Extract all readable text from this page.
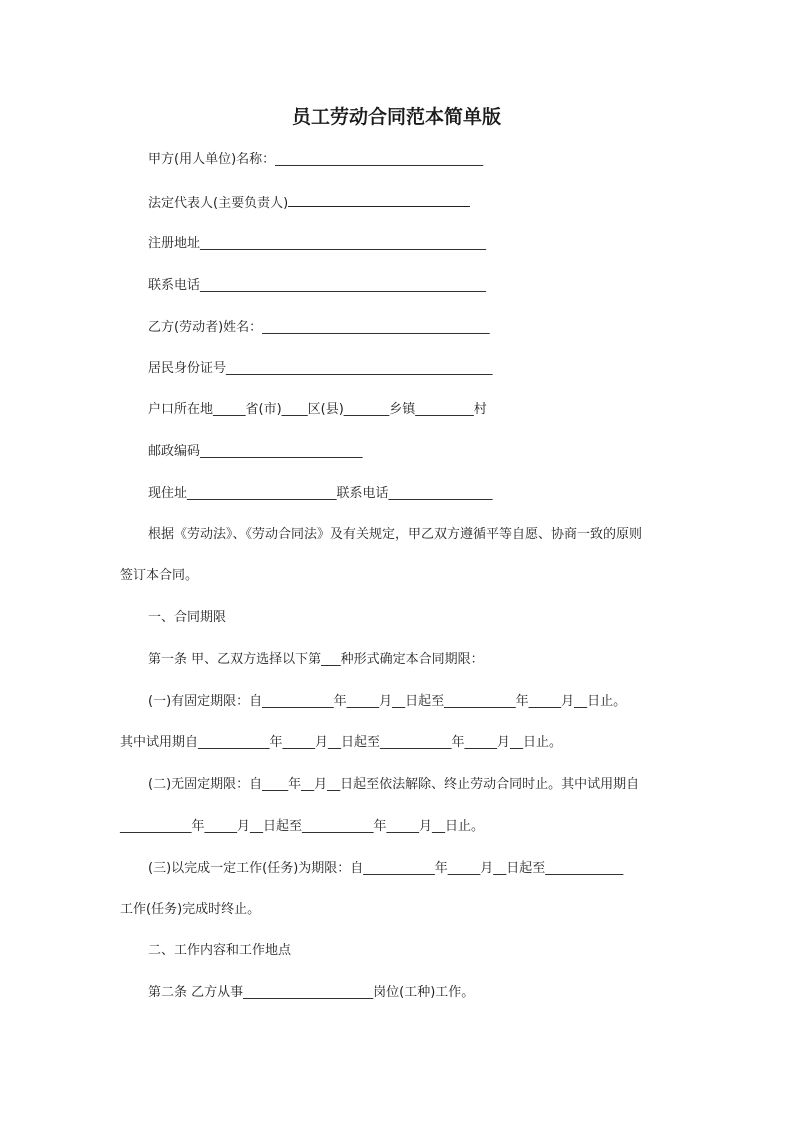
员工劳动合同范本简单版
甲方(用人单位)名称：________________________________
法定代表人(主要负责人)
注册地址____________________________________________
联系电话____________________________________________
乙方(劳动者)姓名：___________________________________
居民身份证号_________________________________________
户口所在地_____省(市)____区(县)_______乡镇_________村
邮政编码_________________________
现住址_______________________联系电话________________
根据《劳动法》、《劳动合同法》及有关规定，甲乙双方遵循平等自愿、协商一致的原则
签订本合同。
一、合同期限
第一条 甲、乙双方选择以下第___种形式确定本合同期限：
(一)有固定期限：自___________年_____月__日起至___________年_____月__日止。
其中试用期自___________年_____月__日起至___________年_____月__日止。
(二)无固定期限：自____年__月__日起至依法解除、终止劳动合同时止。其中试用期自
___________年_____月__日起至___________年_____月__日止。
(三)以完成一定工作(任务)为期限：自___________年_____月__日起至____________
工作(任务)完成时终止。
二、工作内容和工作地点
第二条 乙方从事____________________岗位(工种)工作。
